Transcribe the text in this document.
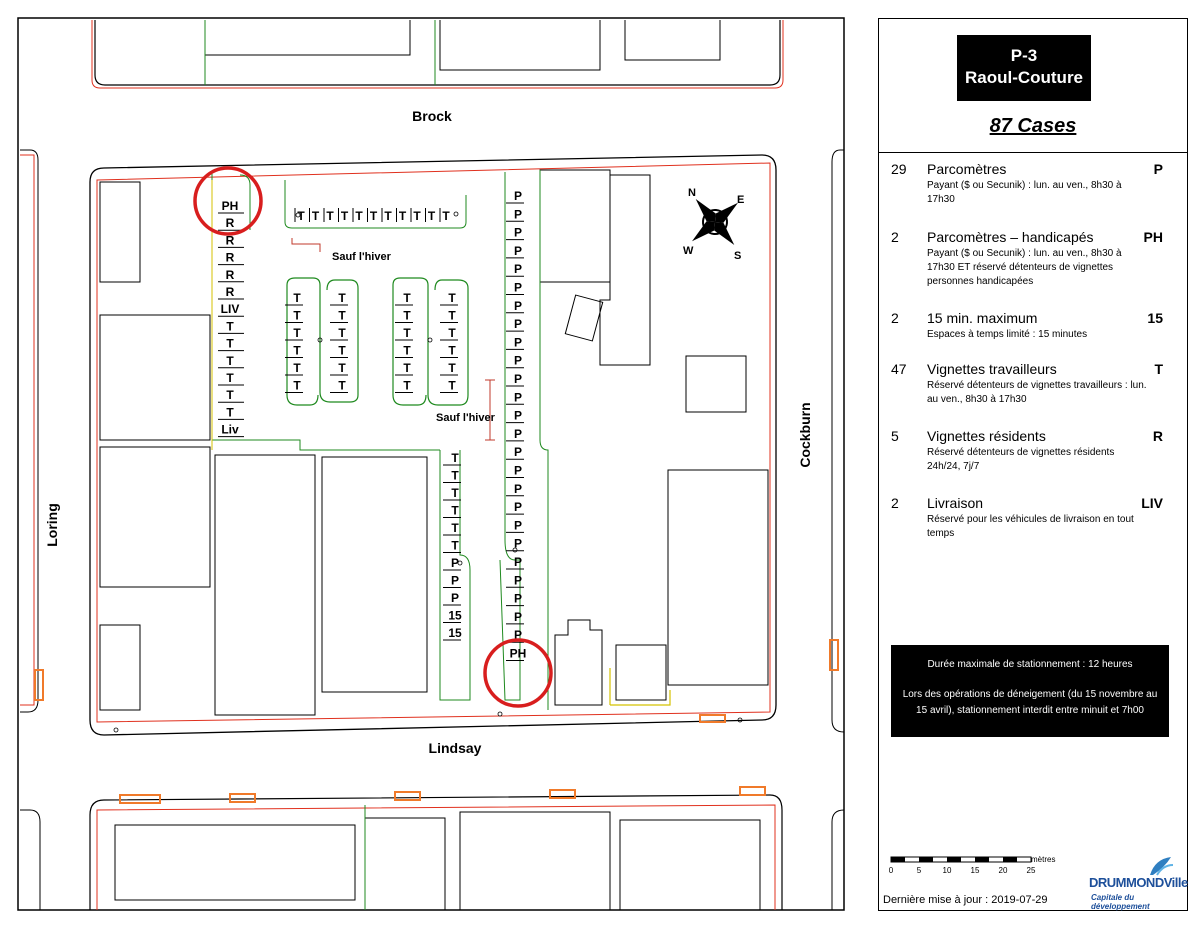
Brock
Lindsay
Loring
Cockburn
Sauf l'hiver
Sauf l'hiver
N
E
S
W
PH
R
R
R
R
R
LIV
T
T
T
T
T
T
Liv
T T T T T T T T T T T
P
P
P
P
P
P
P
P
P
P
P
P
P
P
P
P
P
P
P
P
P
P
P
P
P
PH
T
T
T
T
T
T
T
T
T
T
T
T
T
T
T
T
T
T
T
T
T
T
T
T
T
T
T
T
T
T
P
P
P
15
15
P-3
Raoul-Couture
87 Cases
29 Parcomètres	P
Payant ($ ou Secunik) : lun. au ven., 8h30 à 17h30
2 Parcomètres – handicapés	PH
Payant ($ ou Secunik) : lun. au ven., 8h30 à 17h30 ET réservé détenteurs de vignettes personnes handicapées
2 15 min. maximum	15
Espaces à temps limité : 15 minutes
47 Vignettes travailleurs	T
Réservé détenteurs de vignettes travailleurs : lun. au ven., 8h30 à 17h30
5 Vignettes résidents	R
Réservé détenteurs de vignettes résidents 24h/24, 7j/7
2 Livraison	LIV
Réservé pour les véhicules de livraison en tout temps
Durée maximale de stationnement : 12 heures
Lors des opérations de déneigement (du 15 novembre au 15 avril), stationnement interdit entre minuit et 7h00
0	5	10 15 20 25
mètres
Dernière mise à jour : 2019-07-29
DRUMMONDVille
Capitale du développement
